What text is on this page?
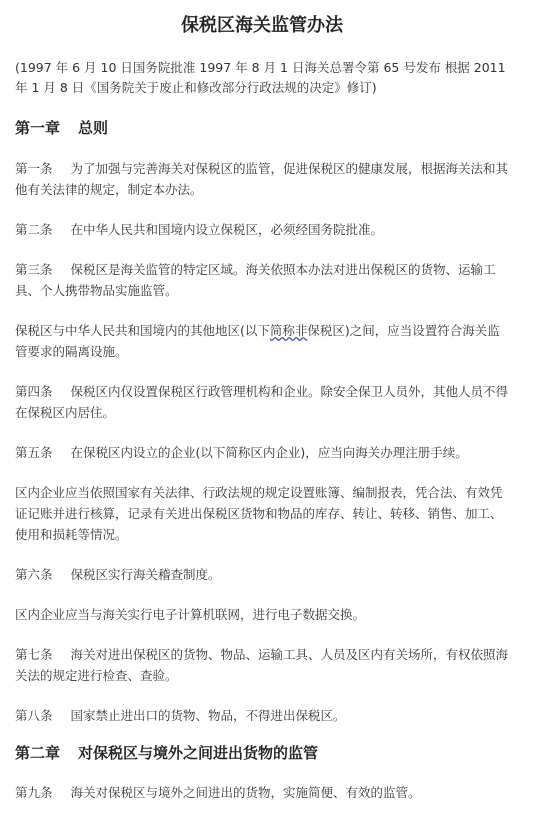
保税区海关监管办法
(1997 年 6 月 10 日国务院批准 1997 年 8 月 1 日海关总署令第 65 号发布 根据 2011 年 1 月 8 日《国务院关于废止和修改部分行政法规的决定》修订)
第一章 总则
第一条 为了加强与完善海关对保税区的监管，促进保税区的健康发展，根据海关法和其他有关法律的规定，制定本办法。
第二条 在中华人民共和国境内设立保税区，必须经国务院批准。
第三条 保税区是海关监管的特定区域。海关依照本办法对进出保税区的货物、运输工具、个人携带物品实施监管。
保税区与中华人民共和国境内的其他地区(以下简称非保税区)之间，应当设置符合海关监管要求的隔离设施。
第四条 保税区内仅设置保税区行政管理机构和企业。除安全保卫人员外，其他人员不得在保税区内居住。
第五条 在保税区内设立的企业(以下简称区内企业)，应当向海关办理注册手续。
区内企业应当依照国家有关法律、行政法规的规定设置账簿、编制报表，凭合法、有效凭证记账并进行核算，记录有关进出保税区货物和物品的库存、转让、转移、销售、加工、使用和损耗等情况。
第六条 保税区实行海关稽查制度。
区内企业应当与海关实行电子计算机联网，进行电子数据交换。
第七条 海关对进出保税区的货物、物品、运输工具、人员及区内有关场所，有权依照海关法的规定进行检查、查验。
第八条 国家禁止进出口的货物、物品，不得进出保税区。
第二章 对保税区与境外之间进出货物的监管
第九条 海关对保税区与境外之间进出的货物，实施简便、有效的监管。
